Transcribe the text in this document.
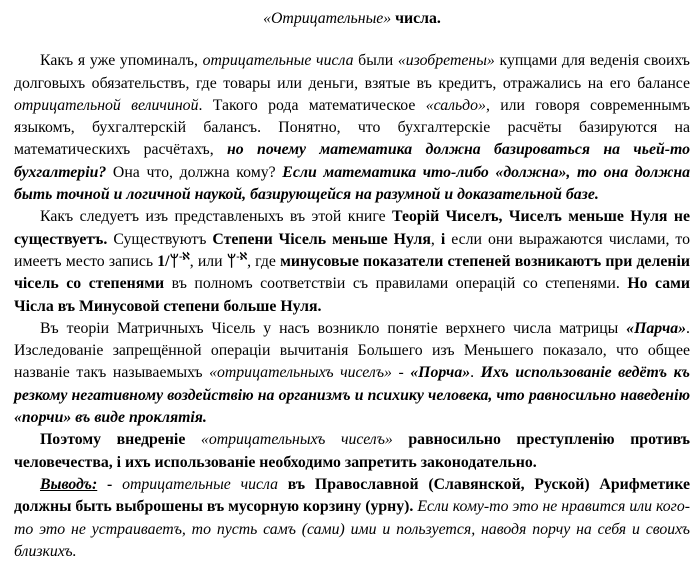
«Отрицательные» числа.

Какъ я уже упоминалъ, отрицательные числа были «изобретены» купцами для веденія своихъ долговыхъ обязательствъ, где товары или деньги, взятые въ кредитъ, отражались на его балансе отрицательной величиной. Такого рода математическое «сальдо», или говоря современнымъ языкомъ, бухгалтерскій балансъ. Понятно, что бухгалтерскіе расчёты базируются на математическихъ расчётахъ, но почему математика должна базироваться на чьей-то бухгалтеріи? Она что, должна кому? Если математика что-либо «должна», то она должна быть точной и логичной наукой, базирующейся на разумной и доказательной базе.

Какъ следуетъ изъ представленыхъ въ этой книге Теорій Чиселъ, Чиселъ меньше Нуля не существуетъ. Существуютъ Степени Чiсель меньше Нуля, і если они выражаются числами, то имеетъ место запись 1/ᛘ$^{-ℵ}$, или ᛘ$^{-ℵ}$, где минусовые показатели степеней возникаютъ при деленіи чiсель со степенями въ полномъ соответствіи съ правилами операцій со степенями. Но сами Чiсла въ Минусовой степени больше Нуля.

Въ теоріи Матричныхъ Чiсель у насъ возникло понятіе верхнего числа матрицы «Парча». Изследованіе запрещённой операціи вычитанія Большего изъ Меньшего показало, что общее названіе такъ называемыхъ «отрицательныхъ чиселъ» - «Порча». Ихъ использованіе ведётъ къ резкому негативному воздействію на организмъ и психику человека, что равносильно наведенію «порчи» въ виде проклятія.

Поэтому внедреніе «отрицательныхъ чиселъ» равносильно преступленію противъ человечества, і ихъ использованіе необходимо запретить законодательно.

Выводъ: - отрицательные числа въ Православной (Славянской, Руской) Арифметике должны быть выброшены въ мусорную корзину (урну). Если кому-то это не нравится или кого-то это не устраиваетъ, то пусть самъ (сами) ими и пользуется, наводя порчу на себя и своихъ близкихъ.
